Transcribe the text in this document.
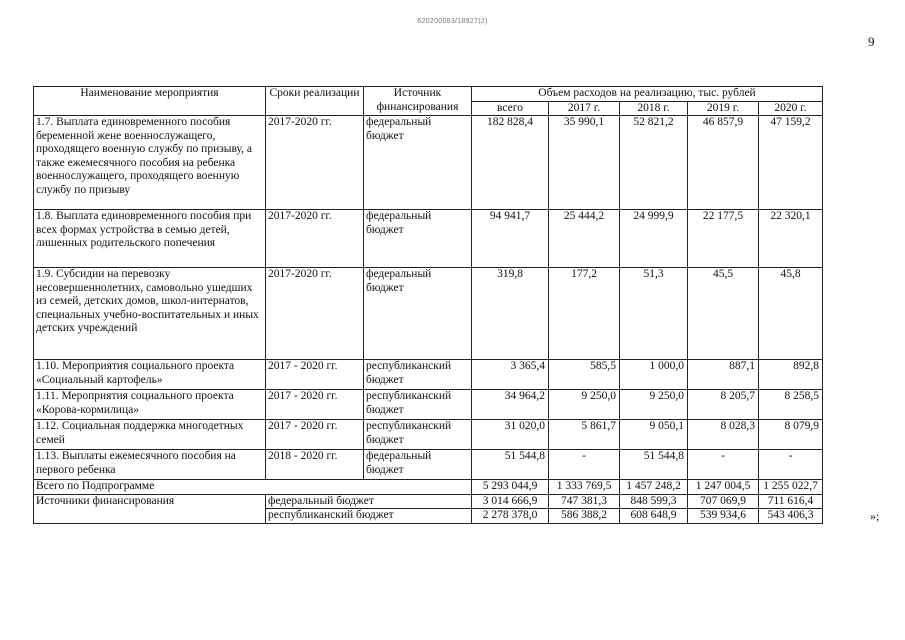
620200083/18927(2)
9
Наименование мероприятия	Сроки реализации	Источник финансирования	Объем расходов на реализацию, тыс. рублей				
			всего	2017 г.	2018 г.	2019 г.	2020 г.
1.7. Выплата единовременного пособия беременной жене военнослужащего, проходящего военную службу по призыву, а также ежемесячного пособия на ребенка военнослужащего, проходящего военную службу по призыву	2017-2020 гг.	федеральный бюджет	182 828,4	35 990,1	52 821,2	46 857,9	47 159,2
1.8. Выплата единовременного пособия при всех формах устройства в семью детей, лишенных родительского попечения	2017-2020 гг.	федеральный бюджет	94 941,7	25 444,2	24 999,9	22 177,5	22 320,1
1.9. Субсидии на перевозку несовершеннолетних, самовольно ушедших из семей, детских домов, школ-интернатов, специальных учебно-воспитательных и иных детских учреждений	2017-2020 гг.	федеральный бюджет	319,8	177,2	51,3	45,5	45,8
1.10. Мероприятия социального проекта «Социальный картофель»	2017 - 2020 гг.	республиканский бюджет	3 365,4	585,5	1 000,0	887,1	892,8
1.11. Мероприятия социального проекта «Корова-кормилица»	2017 - 2020 гг.	республиканский бюджет	34 964,2	9 250,0	9 250,0	8 205,7	8 258,5
1.12. Социальная поддержка многодетных семей	2017 - 2020 гг.	республиканский бюджет	31 020,0	5 861,7	9 050,1	8 028,3	8 079,9
1.13. Выплаты ежемесячного пособия на первого ребенка	2018 - 2020 гг.	федеральный бюджет	51 544,8	-	51 544,8	-	-
Всего по Подпрограмме			5 293 044,9	1 333 769,5	1 457 248,2	1 247 004,5	1 255 022,7
Источники финансирования	федеральный бюджет		3 014 666,9	747 381,3	848 599,3	707 069,9	711 616,4
	республиканский бюджет		2 278 378,0	586 388,2	608 648,9	539 934,6	543 406,3	»;
